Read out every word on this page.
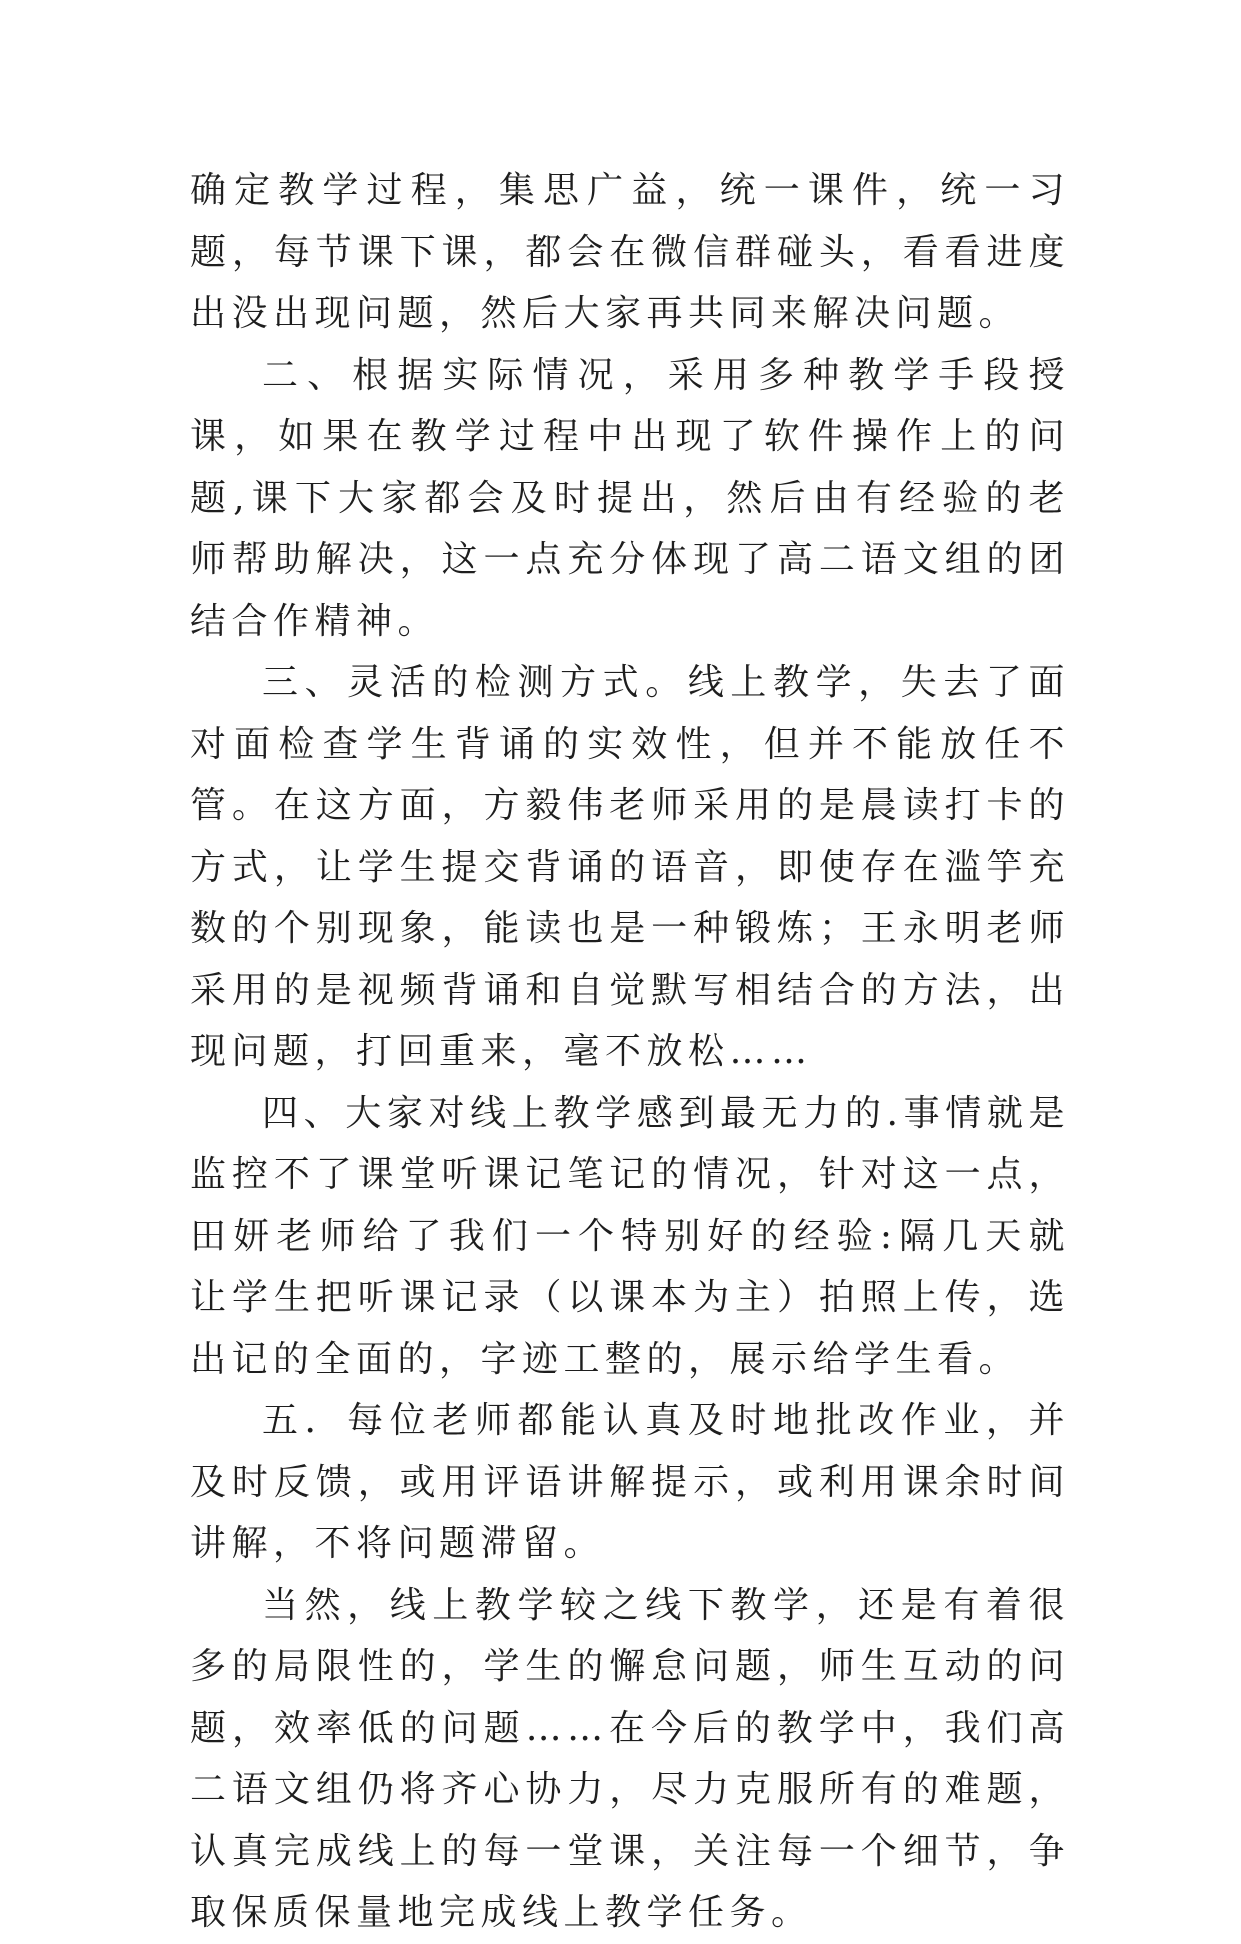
确定教学过程，集思广益，统一课件，统一习题，每节课下课，都会在微信群碰头，看看进度出没出现问题，然后大家再共同来解决问题。

二、根据实际情况，采用多种教学手段授课，如果在教学过程中出现了软件操作上的问题,课下大家都会及时提出，然后由有经验的老师帮助解决，这一点充分体现了高二语文组的团结合作精神。

三、灵活的检测方式。线上教学，失去了面对面检查学生背诵的实效性，但并不能放任不管。在这方面，方毅伟老师采用的是晨读打卡的方式，让学生提交背诵的语音，即使存在滥竽充数的个别现象，能读也是一种锻炼；王永明老师采用的是视频背诵和自觉默写相结合的方法，出现问题，打回重来，毫不放松……

四、大家对线上教学感到最无力的.事情就是监控不了课堂听课记笔记的情况，针对这一点，田妍老师给了我们一个特别好的经验:隔几天就让学生把听课记录（以课本为主）拍照上传，选出记的全面的，字迹工整的，展示给学生看。

五．每位老师都能认真及时地批改作业，并及时反馈，或用评语讲解提示，或利用课余时间讲解，不将问题滞留。

当然，线上教学较之线下教学，还是有着很多的局限性的，学生的懈怠问题，师生互动的问题，效率低的问题……在今后的教学中，我们高二语文组仍将齐心协力，尽力克服所有的难题，认真完成线上的每一堂课，关注每一个细节，争取保质保量地完成线上教学任务。
